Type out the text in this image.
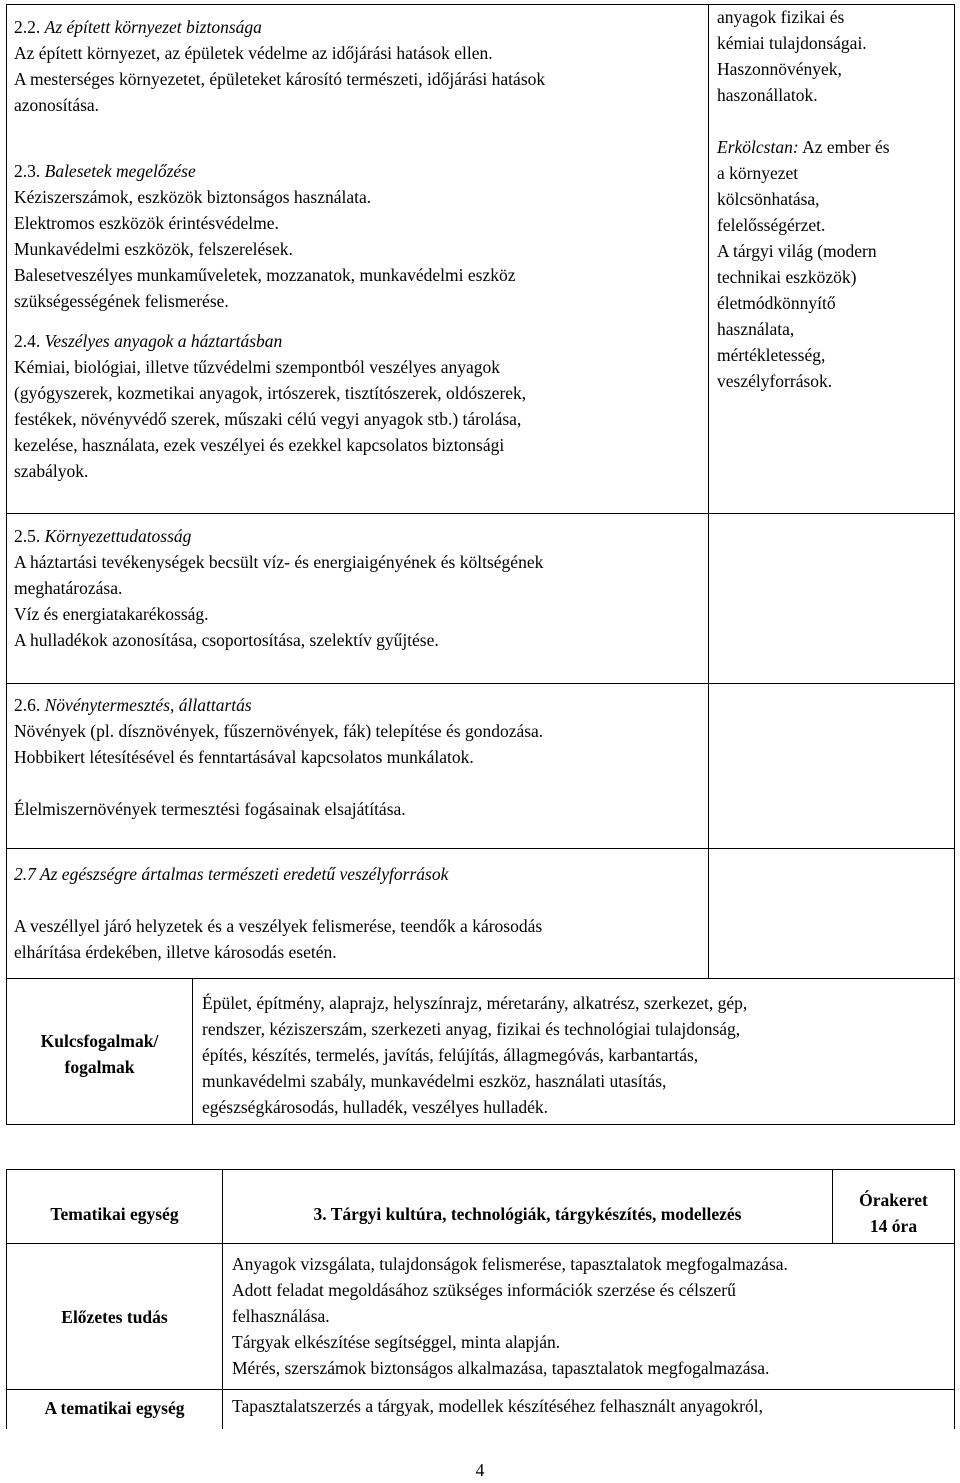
2.2. Az épített környezet biztonsága

Az épített környezet, az épületek védelme az időjárási hatások ellen.

A mesterséges környezetet, épületeket károsító természeti, időjárási hatások

azonosítása.

2.3. Balesetek megelőzése

Kéziszerszámok, eszközök biztonságos használata.

Elektromos eszközök érintésvédelme.

Munkavédelmi eszközök, felszerelések.

Balesetveszélyes munkaműveletek, mozzanatok, munkavédelmi eszköz

szükségességének felismerése.

2.4. Veszélyes anyagok a háztartásban

Kémiai, biológiai, illetve tűzvédelmi szempontból veszélyes anyagok

(gyógyszerek, kozmetikai anyagok, irtószerek, tisztítószerek, oldószerek,

festékek, növényvédő szerek, műszaki célú vegyi anyagok stb.) tárolása,

kezelése, használata, ezek veszélyei és ezekkel kapcsolatos biztonsági

szabályok.

anyagok fizikai és

kémiai tulajdonságai.

Haszonnövények,

haszonállatok.

Erkölcstan: Az ember és

a környezet

kölcsönhatása,

felelősségérzet.

A tárgyi világ (modern

technikai eszközök)

életmódkönnyítő

használata,

mértékletesség,

veszélyforrások.

2.5. Környezettudatosság

A háztartási tevékenységek becsült víz- és energiaigényének és költségének

meghatározása.

Víz és energiatakarékosság.

A hulladékok azonosítása, csoportosítása, szelektív gyűjtése.

2.6. Növénytermesztés, állattartás

Növények (pl. dísznövények, fűszernövények, fák) telepítése és gondozása.

Hobbikert létesítésével és fenntartásával kapcsolatos munkálatok.

Élelmiszernövények termesztési fogásainak elsajátítása.

2.7 Az egészségre ártalmas természeti eredetű veszélyforrások

A veszéllyel járó helyzetek és a veszélyek felismerése, teendők a károsodás

elhárítása érdekében, illetve károsodás esetén.

Kulcsfogalmak/
fogalmak

Épület, építmény, alaprajz, helyszínrajz, méretarány, alkatrész, szerkezet, gép,

rendszer, kéziszerszám, szerkezeti anyag, fizikai és technológiai tulajdonság,

építés, készítés, termelés, javítás, felújítás, állagmegóvás, karbantartás,

munkavédelmi szabály, munkavédelmi eszköz, használati utasítás,

egészségkárosodás, hulladék, veszélyes hulladék.

Tematikai egység	3. Tárgyi kultúra, technológiák, tárgykészítés, modellezés
Órakeret
14 óra
Előzetes tudás

Anyagok vizsgálata, tulajdonságok felismerése, tapasztalatok megfogalmazása.

Adott feladat megoldásához szükséges információk szerzése és célszerű

felhasználása.

Tárgyak elkészítése segítséggel, minta alapján.

Mérés, szerszámok biztonságos alkalmazása, tapasztalatok megfogalmazása.

A tematikai egység	Tapasztalatszerzés a tárgyak, modellek készítéséhez felhasznált anyagokról,
4
